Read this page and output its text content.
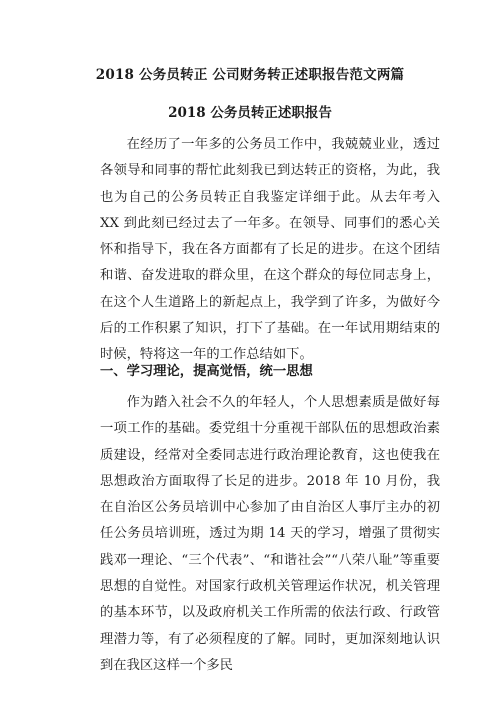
2018 公务员转正 公司财务转正述职报告范文两篇
2018 公务员转正述职报告

在经历了一年多的公务员工作中，我兢兢业业，透过各领导和同事的帮忙此刻我已到达转正的资格，为此，我也为自己的公务员转正自我鉴定详细于此。从去年考入 XX 到此刻已经过去了一年多。在领导、同事们的悉心关怀和指导下，我在各方面都有了长足的进步。在这个团结和谐、奋发进取的群众里，在这个群众的每位同志身上，在这个人生道路上的新起点上，我学到了许多，为做好今后的工作积累了知识，打下了基础。在一年试用期结束的时候，特将这一年的工作总结如下。

一、学习理论，提高觉悟，统一思想

作为踏入社会不久的年轻人，个人思想素质是做好每一项工作的基础。委党组十分重视干部队伍的思想政治素质建设，经常对全委同志进行政治理论教育，这也使我在思想政治方面取得了长足的进步。2018 年 10 月份，我在自治区公务员培训中心参加了由自治区人事厅主办的初任公务员培训班，透过为期 14 天的学习，增强了贯彻实践邓一理论、“三个代表”、“和谐社会”“八荣八耻”等重要思想的自觉性。对国家行政机关管理运作状况，机关管理的基本环节，以及政府机关工作所需的依法行政、行政管理潜力等，有了必须程度的了解。同时，更加深刻地认识到在我区这样一个多民
